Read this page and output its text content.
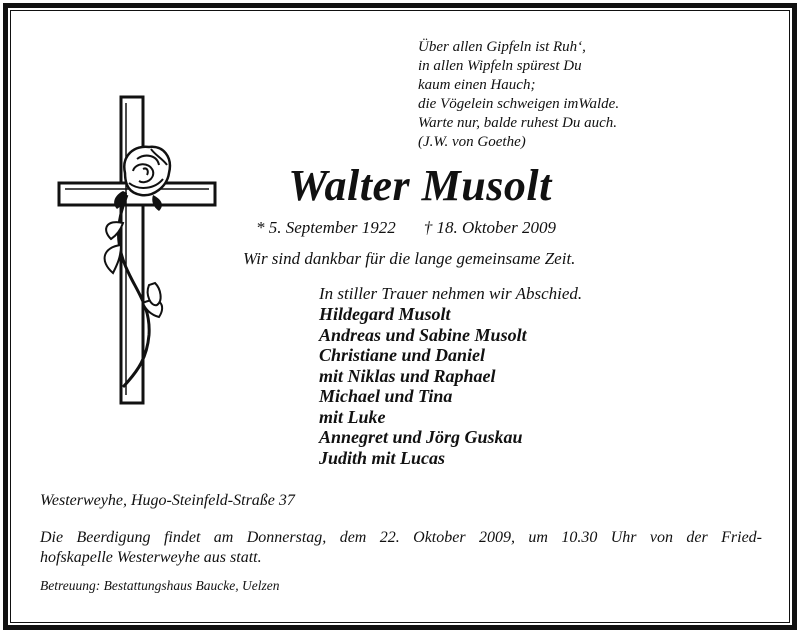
Über allen Gipfeln ist Ruh‘,
in allen Wipfeln spürest Du
kaum einen Hauch;
die Vögelein schweigen imWalde.
Warte nur, balde ruhest Du auch.
(J.W. von Goethe)
Walter Musolt
* 5. September 1922 † 18. Oktober 2009
Wir sind dankbar für die lange gemeinsame Zeit.
In stiller Trauer nehmen wir Abschied.
Hildegard Musolt
Andreas und Sabine Musolt
Christiane und Daniel
mit Niklas und Raphael
Michael und Tina
mit Luke
Annegret und Jörg Guskau
Judith mit Lucas
Westerweyhe, Hugo-Steinfeld-Straße 37
Die Beerdigung findet am Donnerstag, dem 22. Oktober 2009, um 10.30 Uhr von der Fried-
hofskapelle Westerweyhe aus statt.
Betreuung: Bestattungshaus Baucke, Uelzen
